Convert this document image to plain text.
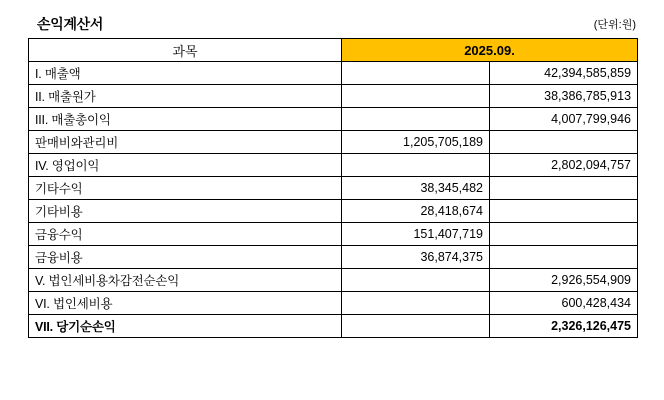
손익계산서	(단위:원)
과목	2025.09.	
I. 매출액		42,394,585,859
II. 매출원가		38,386,785,913
III. 매출총이익		4,007,799,946
판매비와관리비	1,205,705,189	
IV. 영업이익		2,802,094,757
기타수익	38,345,482	
기타비용	28,418,674	
금융수익	151,407,719	
금융비용	36,874,375	
V. 법인세비용차감전순손익		2,926,554,909
VI. 법인세비용		600,428,434
VII. 당기순손익		2,326,126,475
